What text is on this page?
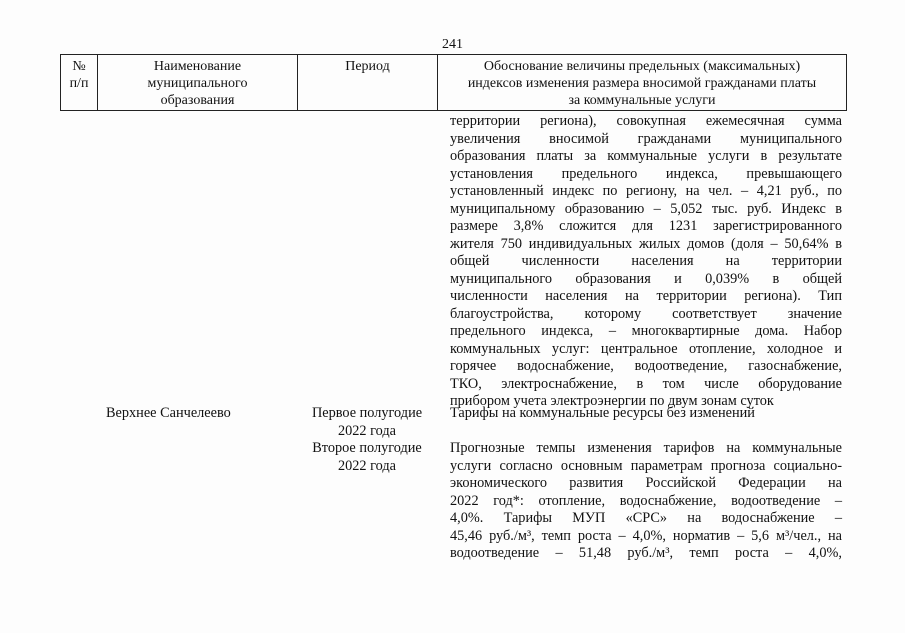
241
№
п/п
Наименование
муниципального
образования
Период	Обоснование величины предельных (максимальных)
индексов изменения размера вносимой гражданами платы
за коммунальные услуги
территории региона), совокупная ежемесячная сумма
увеличения вносимой гражданами муниципального
образования платы за коммунальные услуги в результате
установления предельного индекса, превышающего
установленный индекс по региону, на чел. – 4,21 руб., по
муниципальному образованию – 5,052 тыс. руб. Индекс в
размере 3,8% сложится для 1231 зарегистрированного
жителя 750 индивидуальных жилых домов (доля – 50,64% в
общей численности населения на территории
муниципального образования и 0,039% в общей
численности населения на территории региона). Тип
благоустройства, которому соответствует значение
предельного индекса, – многоквартирные дома. Набор
коммунальных услуг: центральное отопление, холодное и
горячее водоснабжение, водоотведение, газоснабжение,
ТКО, электроснабжение, в том числе оборудование
прибором учета электроэнергии по двум зонам суток
Верхнее Санчелеево	Первое полугодие
2022 года
Второе полугодие
2022 года
Тарифы на коммунальные ресурсы без изменений
Прогнозные темпы изменения тарифов на коммунальные
услуги согласно основным параметрам прогноза социально-
экономического развития Российской Федерации на
2022 год*: отопление, водоснабжение, водоотведение –
4,0%. Тарифы МУП «СРС» на водоснабжение –
45,46 руб./м³, темп роста – 4,0%, норматив – 5,6 м³/чел., на
водоотведение – 51,48 руб./м³, темп роста – 4,0%,
